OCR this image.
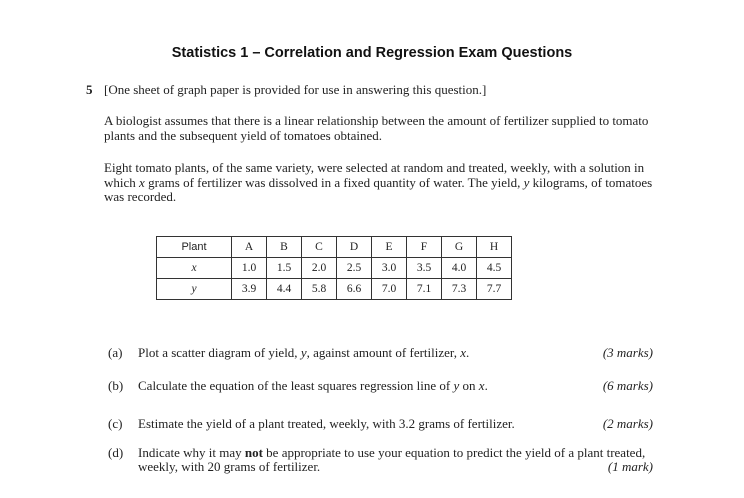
Statistics 1 – Correlation and Regression Exam Questions
5 [One sheet of graph paper is provided for use in answering this question.]
A biologist assumes that there is a linear relationship between the amount of fertilizer supplied to tomato plants and the subsequent yield of tomatoes obtained.
Eight tomato plants, of the same variety, were selected at random and treated, weekly, with a solution in which x grams of fertilizer was dissolved in a fixed quantity of water. The yield, y kilograms, of tomatoes was recorded.
Plant	A	B	C	D	E	F	G	H
x	1.0	1.5	2.0	2.5	3.0	3.5	4.0	4.5
y	3.9	4.4	5.8	6.6	7.0	7.1	7.3	7.7
(a) Plot a scatter diagram of yield, y, against amount of fertilizer, x.	(3 marks)
(b) Calculate the equation of the least squares regression line of y on x.	(6 marks)
(c) Estimate the yield of a plant treated, weekly, with 3.2 grams of fertilizer.	(2 marks)
(d) Indicate why it may not be appropriate to use your equation to predict the yield of a plant treated, weekly, with 20 grams of fertilizer.	(1 mark)
